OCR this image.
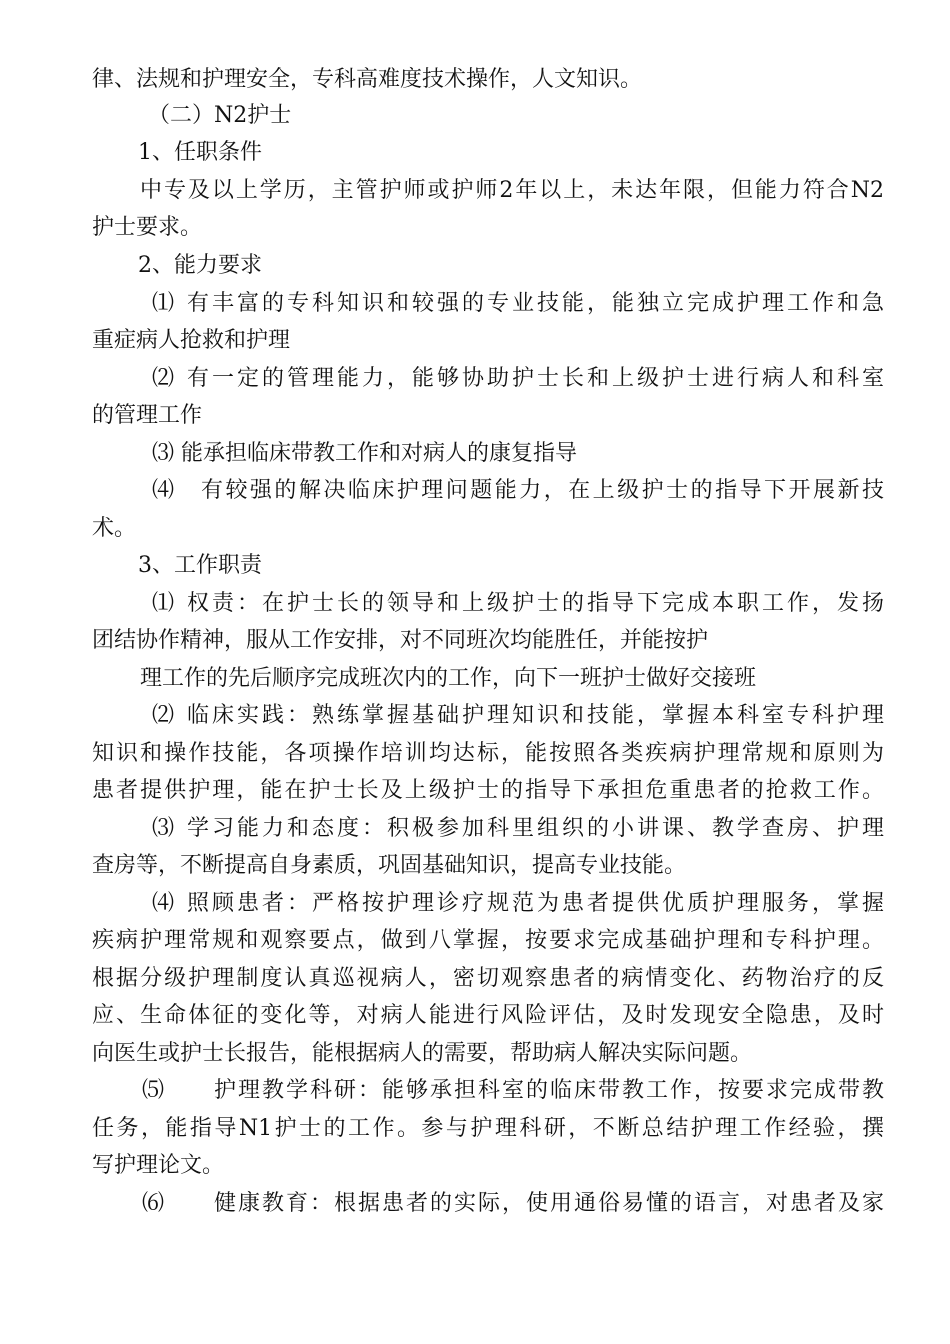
律、法规和护理安全，专科高难度技术操作，人文知识。
（二）N2护士
1、任职条件
中专及以上学历，主管护师或护师2年以上，未达年限，但能力符合N2
护士要求。
2、能力要求
⑴ 有丰富的专科知识和较强的专业技能，能独立完成护理工作和急
重症病人抢救和护理
⑵ 有一定的管理能力，能够协助护士长和上级护士进行病人和科室
的管理工作
⑶ 能承担临床带教工作和对病人的康复指导
⑷　有较强的解决临床护理问题能力，在上级护士的指导下开展新技
术。
3、工作职责
⑴ 权责：在护士长的领导和上级护士的指导下完成本职工作，发扬
团结协作精神，服从工作安排，对不同班次均能胜任，并能按护
理工作的先后顺序完成班次内的工作，向下一班护士做好交接班
⑵ 临床实践：熟练掌握基础护理知识和技能，掌握本科室专科护理
知识和操作技能，各项操作培训均达标，能按照各类疾病护理常规和原则为
患者提供护理，能在护士长及上级护士的指导下承担危重患者的抢救工作。
⑶ 学习能力和态度：积极参加科里组织的小讲课、教学查房、护理
查房等，不断提高自身素质，巩固基础知识，提高专业技能。
⑷ 照顾患者：严格按护理诊疗规范为患者提供优质护理服务，掌握
疾病护理常规和观察要点，做到八掌握，按要求完成基础护理和专科护理。
根据分级护理制度认真巡视病人，密切观察患者的病情变化、药物治疗的反
应、生命体征的变化等，对病人能进行风险评估，及时发现安全隐患，及时
向医生或护士长报告，能根据病人的需要，帮助病人解决实际问题。
⑸　　护理教学科研：能够承担科室的临床带教工作，按要求完成带教
任务，能指导N1护士的工作。参与护理科研，不断总结护理工作经验，撰
写护理论文。
⑹　　健康教育：根据患者的实际，使用通俗易懂的语言，对患者及家
